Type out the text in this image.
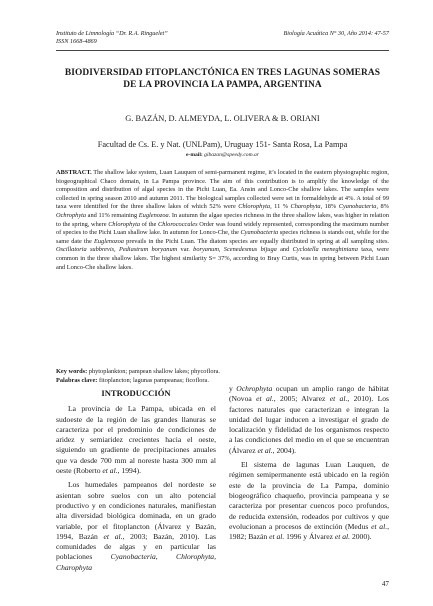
Instituto de Limnología “Dr. R.A. Ringuelet”
ISSN 1668-4869
Biología Acuática N° 30, Año 2014: 47-57
BIODIVERSIDAD FITOPLANCTÓNICA EN TRES LAGUNAS SOMERAS
DE LA PROVINCIA LA PAMPA, ARGENTINA
G. BAZÁN, D. ALMEYDA, L. OLIVERA & B. ORIANI
Facultad de Cs. E. y Nat. (UNLPam), Uruguay 151- Santa Rosa, La Pampa
e-mail: gibazan@speedy.com.ar
ABSTRACT. The shallow lake system, Luan Lauquen of semi-parmanent regime, it’s located in the eastern physiographic region, biogeographical Chaco domain, in La Pampa province. The aim of this contribution is to amplify the knowledge of the composition and distribution of algal species in the Pichi Luan, Ea. Ansin and Lonco-Che shallow lakes. The samples were collected in spring season 2010 and autumn 2011. The biological samples collected were set in formaldehyde at 4%. A total of 99 taxa were identified for the three shallow lakes of which 52% were Chlorophyta, 11 % Charophyta, 18% Cyanobacteria, 8% Ochrophyta and 11% remaining Euglenozoa. In autumn the algae species richness in the three shallow lakes, was higher in relation to the spring, where Chlorophyta of the Chlorococcales Order was found widely represented, corresponding the maximum number of species to the Pichi Luan shallow lake. In autumn for Lonco-Che, the Cyanobacteria species richness is stands out, while for the same date the Euglenozoa prevails in the Pichi Luan. The diatom species are equally distributed in spring at all sampling sites. Oscillatoria subbrevis, Pediastrum boryanum var. boryanum, Scenedesmus bijuga and Cyclotella meneghiniana taxa, were common in the three shallow lakes. The highest similarity S= 37%, according to Bray Curtis, was in spring between Pichi Luan and Lonco-Che shallow lakes.
Key words: phytoplankton; pampean shallow lakes; phycoflora.
Palabras clave: fitoplancton; lagunas pampeanas; ficoflora.
INTRODUCCIÓN

La provincia de La Pampa, ubicada en el sudoeste de la región de las grandes llanuras se caracteriza por el predominio de condiciones de aridez y semiaridez crecientes hacia el oeste, siguiendo un gradiente de precipitaciones anuales que va desde 700 mm al noreste hasta 300 mm al oeste (Roberto et al., 1994).

Los humedales pampeanos del nordeste se asientan sobre suelos con un alto potencial productivo y en condiciones naturales, manifiestan alta diversidad biológica dominada, en un grado variable, por el fitoplancton (Álvarez y Bazán, 1994, Bazán et al., 2003; Bazán, 2010). Las comunidades de algas y en particular las poblaciones Cyanobacteria, Chlorophyta, Charophyta

y Ochrophyta ocupan un amplio rango de hábitat (Novoa et al., 2005; Alvarez et al., 2010). Los factores naturales que caracterizan e integran la unidad del lugar inducen a investigar el grado de localización y fidelidad de los organismos respecto a las condiciones del medio en el que se encuentran (Álvarez et al., 2004).

El sistema de lagunas Luan Lauquen, de régimen semipermanente está ubicado en la región este de la provincia de La Pampa, dominio biogeográfico chaqueño, provincia pampeana y se caracteriza por presentar cuencos poco profundos, de reducida extensión, rodeados por cultivos y que evolucionan a procesos de extinción (Medus et al., 1982; Bazán et al. 1996 y Álvarez et al. 2000).

47
